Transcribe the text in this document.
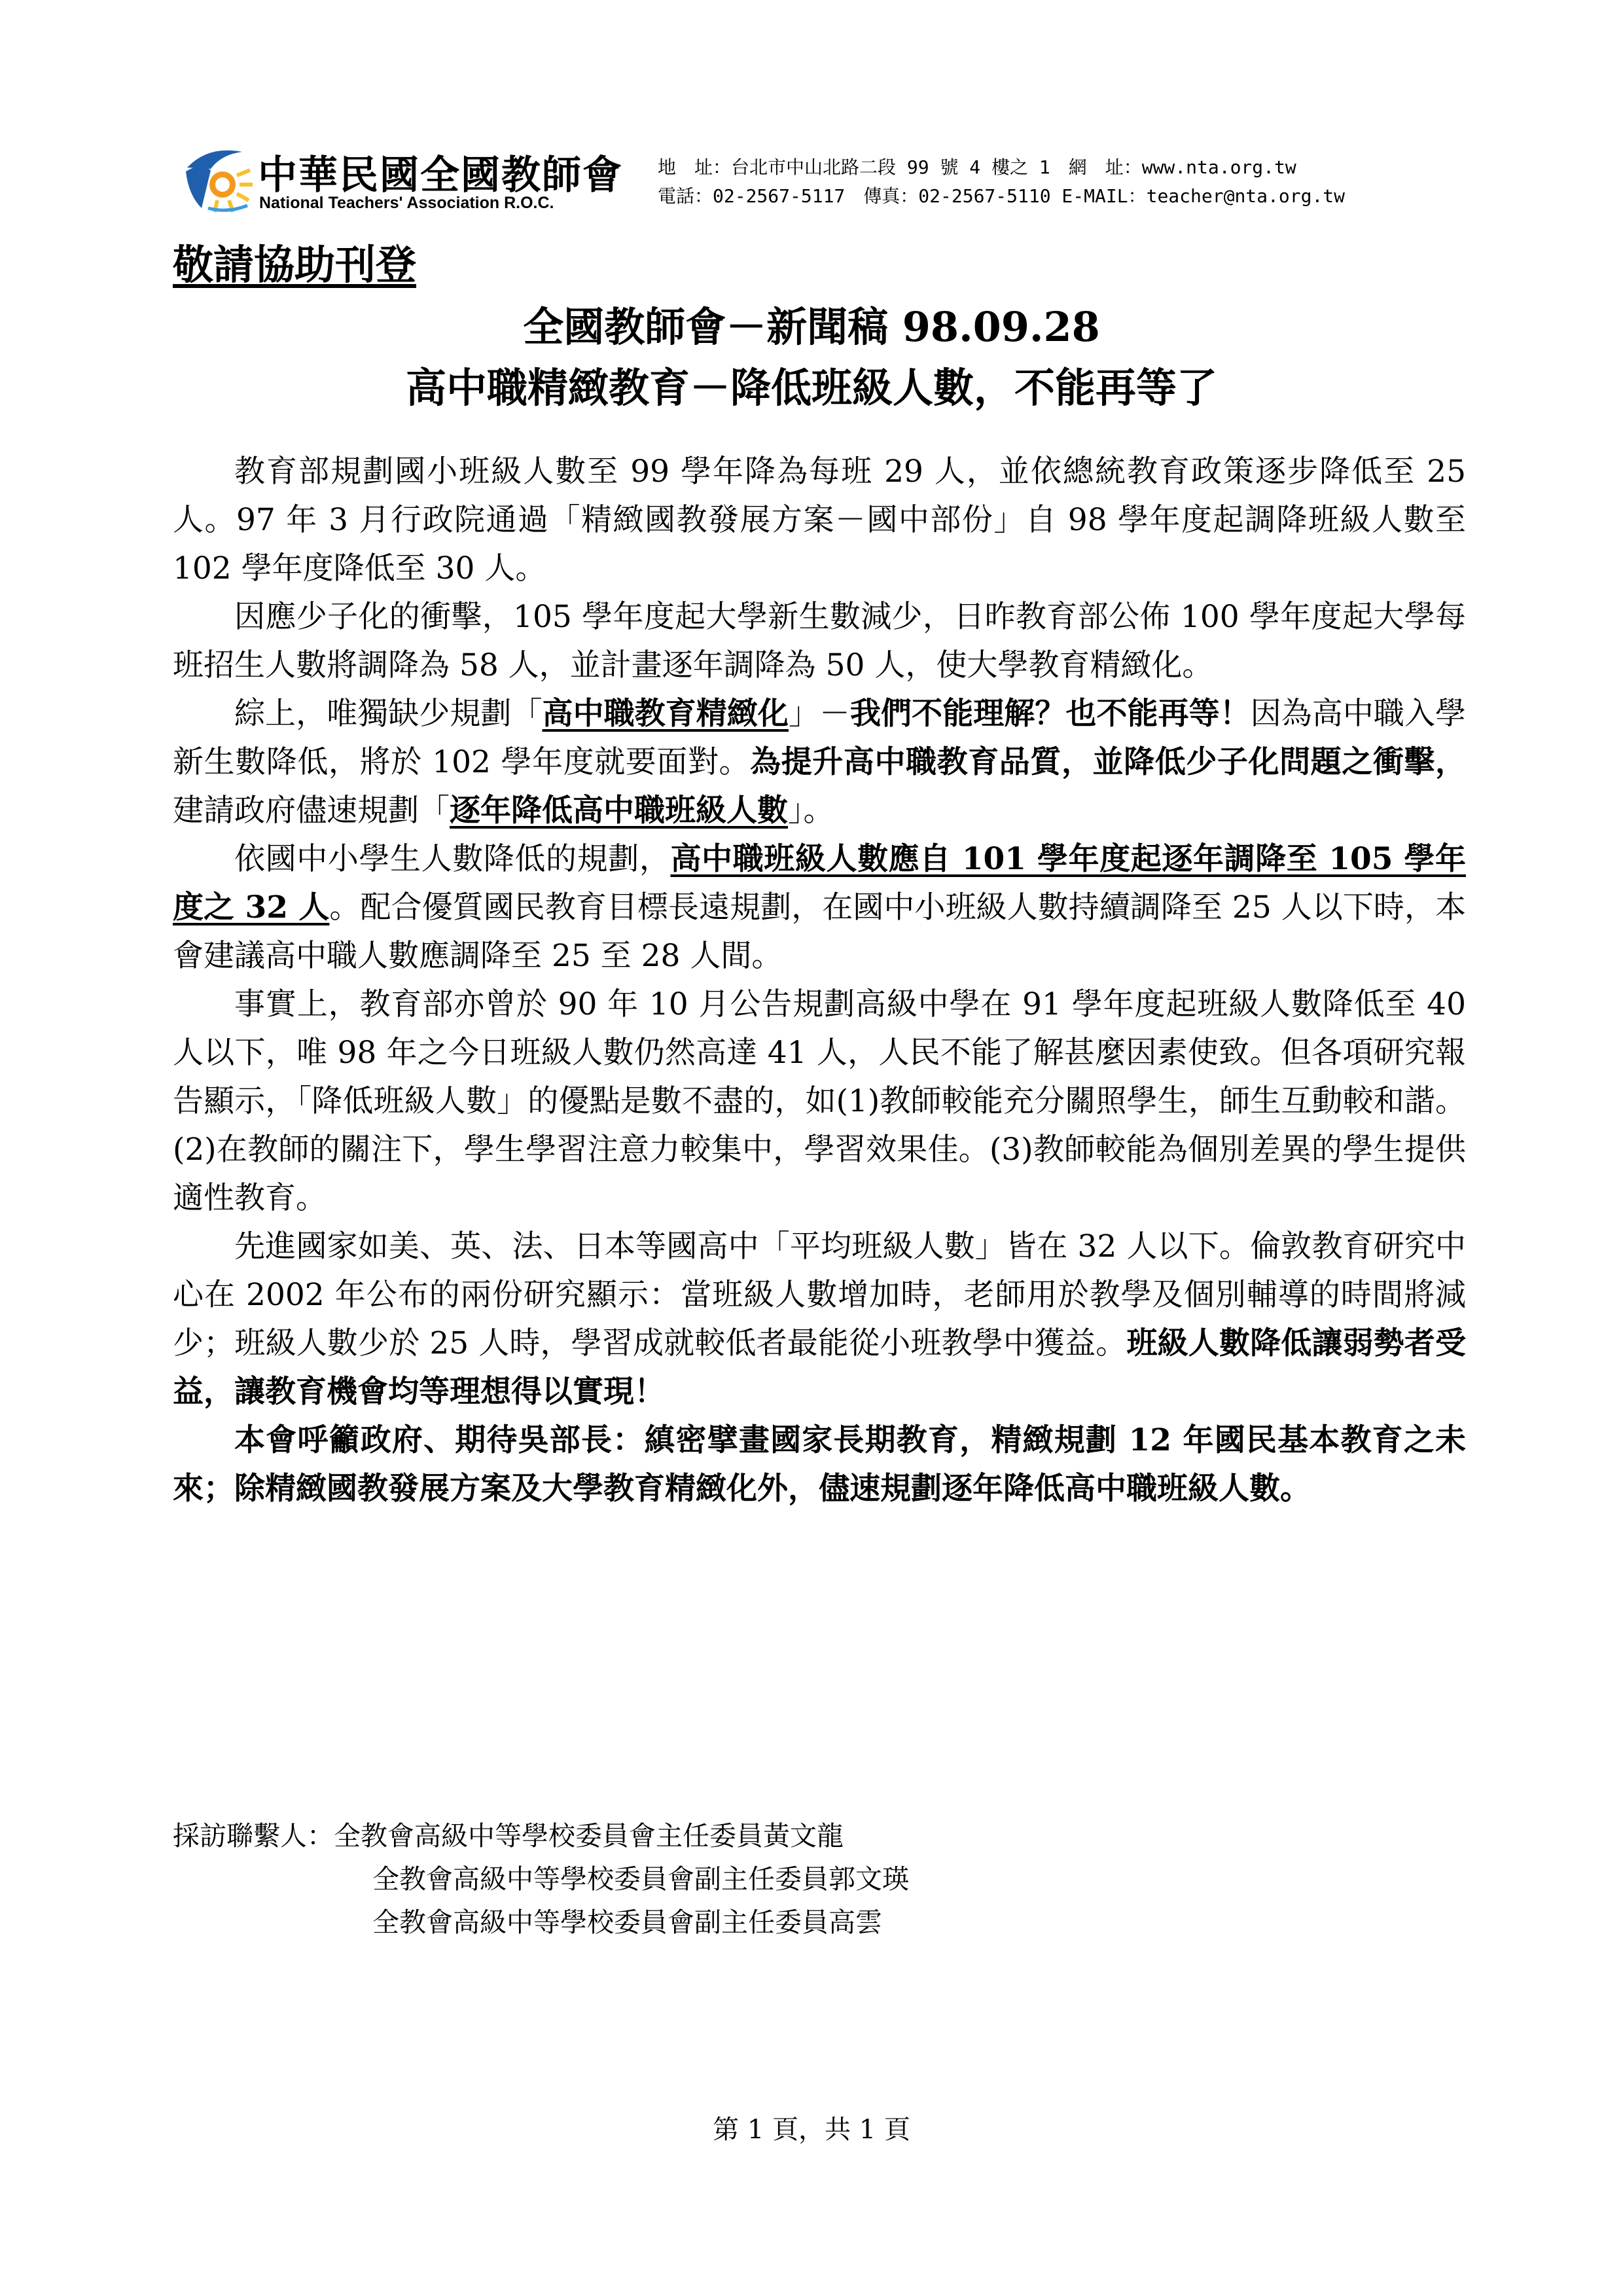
中華民國全國教師會
National Teachers' Association R.O.C.
地　址：台北市中山北路二段 99 號 4 樓之 1　網　址：www.nta.org.tw
電話：02-2567-5117　傳真：02-2567-5110 E-MAIL：teacher@nta.org.tw
敬請協助刊登
全國教師會－新聞稿 98.09.28
高中職精緻教育－降低班級人數，不能再等了

教育部規劃國小班級人數至 99 學年降為每班 29 人，並依總統教育政策逐步降低至 25 人。97 年 3 月行政院通過「精緻國教發展方案－國中部份」自 98 學年度起調降班級人數至 102 學年度降低至 30 人。

因應少子化的衝擊，105 學年度起大學新生數減少，日昨教育部公佈 100 學年度起大學每班招生人數將調降為 58 人，並計畫逐年調降為 50 人，使大學教育精緻化。

綜上，唯獨缺少規劃「高中職教育精緻化」－我們不能理解？也不能再等！因為高中職入學新生數降低，將於 102 學年度就要面對。為提升高中職教育品質，並降低少子化問題之衝擊，建請政府儘速規劃「逐年降低高中職班級人數」。

依國中小學生人數降低的規劃，高中職班級人數應自 101 學年度起逐年調降至 105 學年度之 32 人。配合優質國民教育目標長遠規劃，在國中小班級人數持續調降至 25 人以下時，本會建議高中職人數應調降至 25 至 28 人間。

事實上，教育部亦曾於 90 年 10 月公告規劃高級中學在 91 學年度起班級人數降低至 40 人以下，唯 98 年之今日班級人數仍然高達 41 人，人民不能了解甚麼因素使致。但各項研究報告顯示，「降低班級人數」的優點是數不盡的，如(1)教師較能充分關照學生，師生互動較和諧。(2)在教師的關注下，學生學習注意力較集中，學習效果佳。(3)教師較能為個別差異的學生提供適性教育。

先進國家如美、英、法、日本等國高中「平均班級人數」皆在 32 人以下。倫敦教育研究中心在 2002 年公布的兩份研究顯示：當班級人數增加時，老師用於教學及個別輔導的時間將減少；班級人數少於 25 人時，學習成就較低者最能從小班教學中獲益。班級人數降低讓弱勢者受益，讓教育機會均等理想得以實現！

本會呼籲政府、期待吳部長：縝密擘畫國家長期教育，精緻規劃 12 年國民基本教育之未來；除精緻國教發展方案及大學教育精緻化外，儘速規劃逐年降低高中職班級人數。

採訪聯繫人：全教會高級中等學校委員會主任委員黃文龍
全教會高級中等學校委員會副主任委員郭文瑛
全教會高級中等學校委員會副主任委員高雲
第 1 頁，共 1 頁
